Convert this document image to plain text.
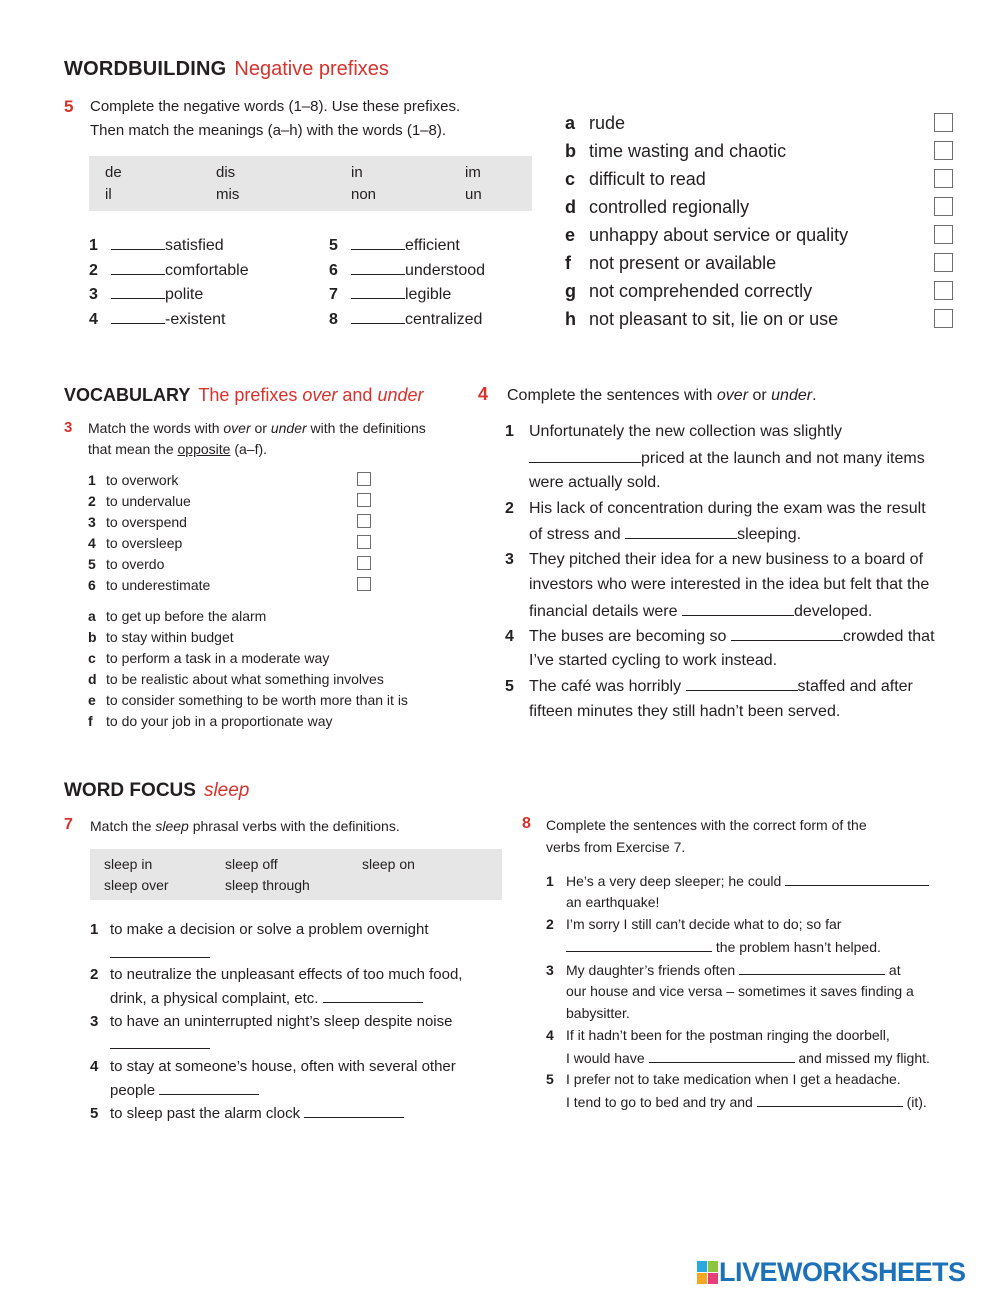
WORDBUILDING Negative prefixes
5 Complete the negative words (1–8). Use these prefixes.
Then match the meanings (a–h) with the words (1–8).
de	dis	in	im
il	mis	non	un
1	satisfied
2	comfortable
3	polite
4	-existent
5	efficient
6	understood
7	legible
8	centralized
a rude
b time wasting and chaotic
c difficult to read
d controlled regionally
e unhappy about service or quality
f not present or available
g not comprehended correctly
h not pleasant to sit, lie on or use
VOCABULARY The prefixes over and under
3 Match the words with over or under with the definitions
that mean the opposite (a–f).
1 to overwork
2 to undervalue
3 to overspend
4 to oversleep
5 to overdo
6 to underestimate
a to get up before the alarm
b to stay within budget
c to perform a task in a moderate way
d to be realistic about what something involves
e to consider something to be worth more than it is
f to do your job in a proportionate way
4 Complete the sentences with over or under.
1 Unfortunately the new collection was slightly
priced at the launch and not many items
were actually sold.
2 His lack of concentration during the exam was the result
of stress and	sleeping.
3 They pitched their idea for a new business to a board of
investors who were interested in the idea but felt that the
financial details were	developed.
4 The buses are becoming so	crowded that
I’ve started cycling to work instead.
5 The café was horribly	staffed and after
fifteen minutes they still hadn’t been served.
WORD FOCUS sleep
7 Match the sleep phrasal verbs with the definitions.
sleep in	sleep off	sleep on
sleep over	sleep through
1 to make a decision or solve a problem overnight
2 to neutralize the unpleasant effects of too much food,
drink, a physical complaint, etc.
3 to have an uninterrupted night’s sleep despite noise
4 to stay at someone’s house, often with several other
people
5 to sleep past the alarm clock
8 Complete the sentences with the correct form of the
verbs from Exercise 7.
1 He’s a very deep sleeper; he could
an earthquake!
2 I’m sorry I still can’t decide what to do; so far
the problem hasn’t helped.
3 My daughter’s friends often	at
our house and vice versa – sometimes it saves finding a
babysitter.
4 If it hadn’t been for the postman ringing the doorbell,
I would have	and missed my flight.
5 I prefer not to take medication when I get a headache.
I tend to go to bed and try and	(it).
LIVEWORKSHEETS
